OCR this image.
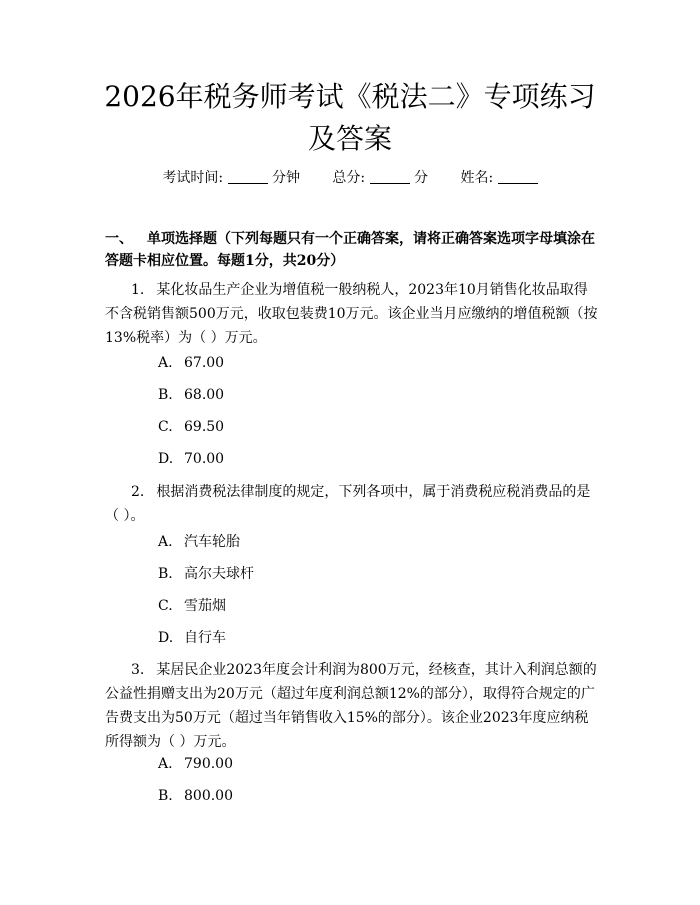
2026年税务师考试《税法二》专项练习及答案
考试时间:	分钟 总分:	分 姓名:
一、 单项选择题（下列每题只有一个正确答案，请将正确答案选项字母填涂在答题卡相应位置。每题1分，共20分）
1. 某化妆品生产企业为增值税一般纳税人，2023年10月销售化妆品取得不含税销售额500万元，收取包装费10万元。该企业当月应缴纳的增值税额（按13%税率）为（ ）万元。
A. 67.00
B. 68.00
C. 69.50
D. 70.00
2. 根据消费税法律制度的规定，下列各项中，属于消费税应税消费品的是（ ）。
A. 汽车轮胎
B. 高尔夫球杆
C. 雪茄烟
D. 自行车
3. 某居民企业2023年度会计利润为800万元，经核查，其计入利润总额的公益性捐赠支出为20万元（超过年度利润总额12%的部分），取得符合规定的广告费支出为50万元（超过当年销售收入15%的部分）。该企业2023年度应纳税所得额为（ ）万元。
A. 790.00
B. 800.00
